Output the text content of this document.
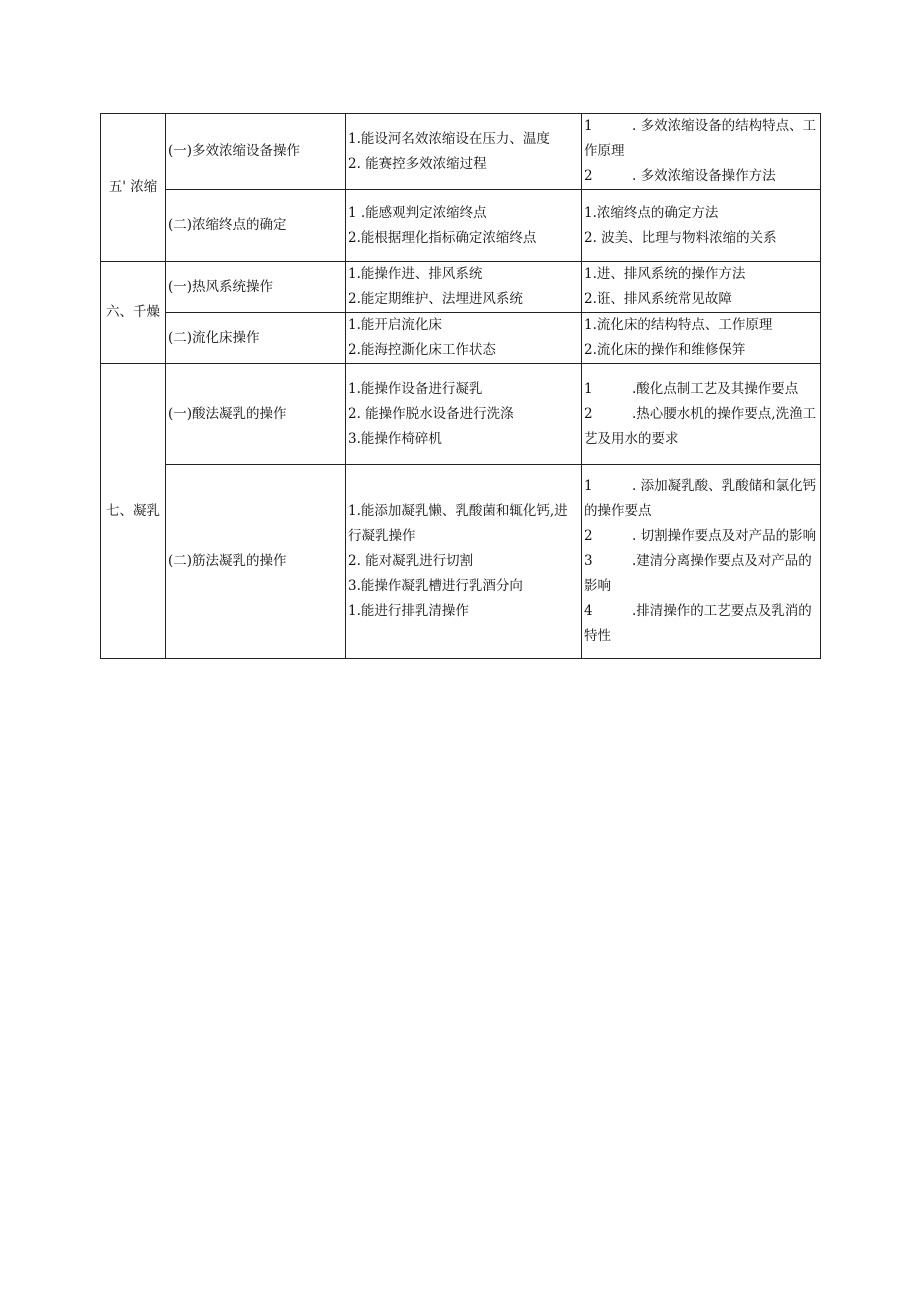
五' 浓缩	(一)多效浓缩设备操作	1.能设河名效浓缩设在压力、温度
2. 能赛控多效浓缩过程	1 . 多效浓缩设备的结构特点、工作原理
2 . 多效浓缩设备操作方法

	(二)浓缩终点的确定	1 .能感观判定浓缩终点
2.能根据理化指标确定浓缩终点	1.浓缩终点的确定方法
2. 波美、比理与物料浓缩的关系

六、千燥	(一)热风系统操作	1.能操作进、排风系统
2.能定期维护、法埋进风系统	1.进、排风系统的操作方法
2.诳、排风系统常见故障

	(二)流化床操作	1.能开启流化床
2.能海控澌化床工作状态	1.流化床的结构特点、工作原理
2.流化床的操作和维修保笄

七、凝乳	(一)酸法凝乳的操作	1.能操作设备进行凝乳
2. 能操作脱水设备进行洗涤
3.能操作椅碎机	1 .酸化点制工艺及其操作要点
2 .热心腰水机的操作要点,洗渔工艺及用水的要求

	(二)筋法凝乳的操作	1.能添加凝乳懒、乳酸菌和辄化钙,进行凝乳操作
2. 能对凝乳进行切割
3.能操作凝乳槽进行乳酒分向
1.能进行排乳清操作	1 . 添加凝乳酸、乳酸储和氯化钙的操作要点
2 . 切割操作要点及对产品的影响
3 .建清分离操作要点及对产品的影响
4 .排清操作的工艺要点及乳消的特性
